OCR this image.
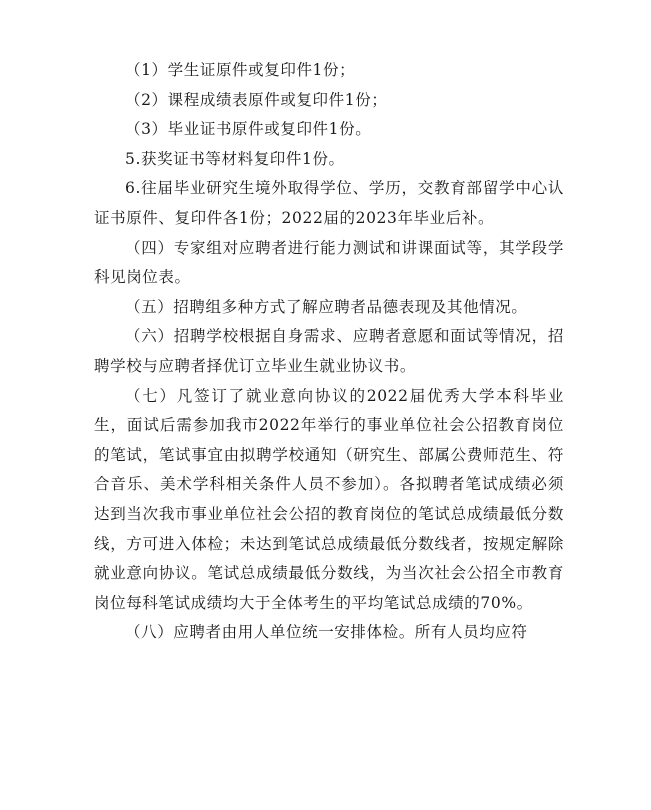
（1）学生证原件或复印件1份；

（2）课程成绩表原件或复印件1份；

（3）毕业证书原件或复印件1份。

5.获奖证书等材料复印件1份。

6.往届毕业研究生境外取得学位、学历，交教育部留学中心认证书原件、复印件各1份；2022届的2023年毕业后补。

（四）专家组对应聘者进行能力测试和讲课面试等，其学段学科见岗位表。

（五）招聘组多种方式了解应聘者品德表现及其他情况。

（六）招聘学校根据自身需求、应聘者意愿和面试等情况，招聘学校与应聘者择优订立毕业生就业协议书。

（七）凡签订了就业意向协议的2022届优秀大学本科毕业生，面试后需参加我市2022年举行的事业单位社会公招教育岗位的笔试，笔试事宜由拟聘学校通知（研究生、部属公费师范生、符合音乐、美术学科相关条件人员不参加）。各拟聘者笔试成绩必须达到当次我市事业单位社会公招的教育岗位的笔试总成绩最低分数线，方可进入体检；未达到笔试总成绩最低分数线者，按规定解除就业意向协议。笔试总成绩最低分数线，为当次社会公招全市教育岗位每科笔试成绩均大于全体考生的平均笔试总成绩的70%。

（八）应聘者由用人单位统一安排体检。所有人员均应符
